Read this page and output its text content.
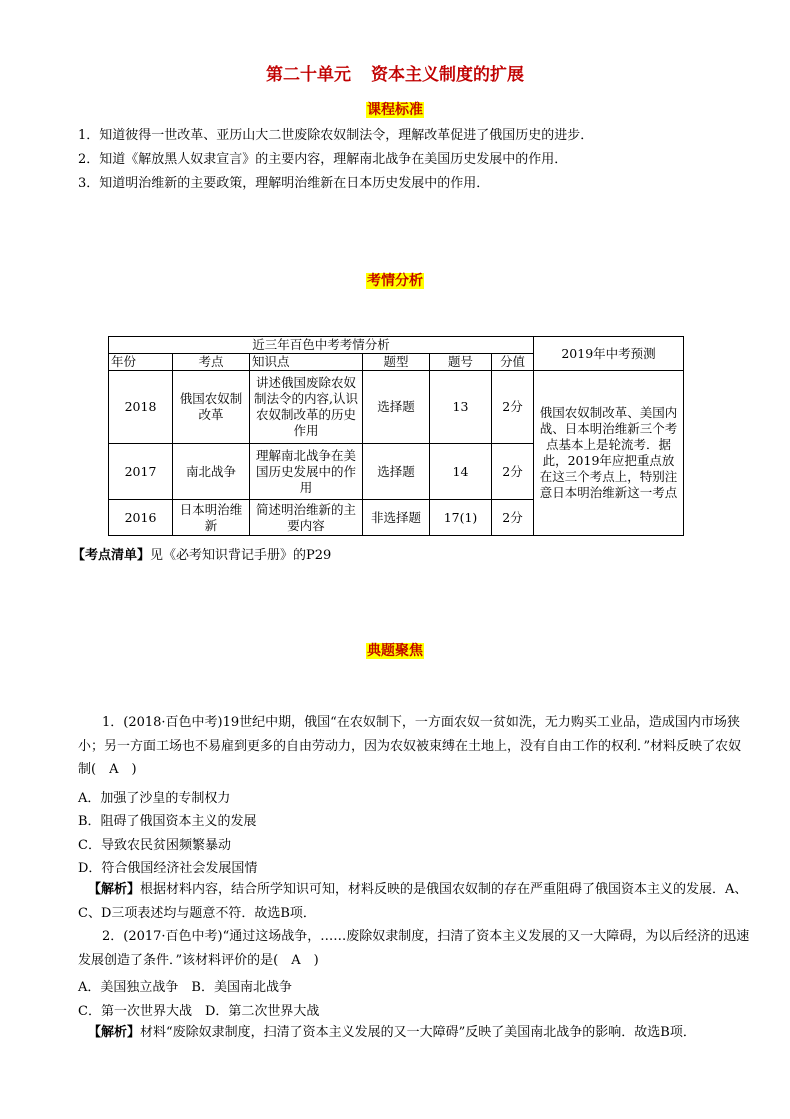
第二十单元 资本主义制度的扩展
课程标准
1．知道彼得一世改革、亚历山大二世废除农奴制法令，理解改革促进了俄国历史的进步．
2．知道《解放黑人奴隶宣言》的主要内容，理解南北战争在美国历史发展中的作用．
3．知道明治维新的主要政策，理解明治维新在日本历史发展中的作用．
考情分析
近三年百色中考考情分析						2019年中考预测
年份	考点	知识点	题型	题号	分值	
2018	俄国农奴制改革	讲述俄国废除农奴制法令的内容,认识农奴制改革的历史作用	选择题	13	2分	俄国农奴制改革、美国内战、日本明治维新三个考点基本上是轮流考．据此，2019年应把重点放在这三个考点上，特别注意日本明治维新这一考点
2017	南北战争	理解南北战争在美国历史发展中的作用	选择题	14	2分	
2016	日本明治维新	简述明治维新的主要内容	非选择题	17(1)	2分	
【考点清单】见《必考知识背记手册》的P29
典题聚焦
1．(2018·百色中考)19世纪中期，俄国“在农奴制下，一方面农奴一贫如洗，无力购买工业品，造成国内市场狭小；另一方面工场也不易雇到更多的自由劳动力，因为农奴被束缚在土地上，没有自由工作的权利．”材料反映了农奴制(　A　)
A．加强了沙皇的专制权力
B．阻碍了俄国资本主义的发展
C．导致农民贫困频繁暴动
D．符合俄国经济社会发展国情
【解析】根据材料内容，结合所学知识可知，材料反映的是俄国农奴制的存在严重阻碍了俄国资本主义的发展．A、C、D三项表述均与题意不符．故选B项．
2．(2017·百色中考)“通过这场战争，……废除奴隶制度，扫清了资本主义发展的又一大障碍，为以后经济的迅速发展创造了条件．”该材料评价的是(　A　)
A．美国独立战争　B．美国南北战争
C．第一次世界大战　D．第二次世界大战
【解析】材料“废除奴隶制度，扫清了资本主义发展的又一大障碍”反映了美国南北战争的影响．故选B项．
